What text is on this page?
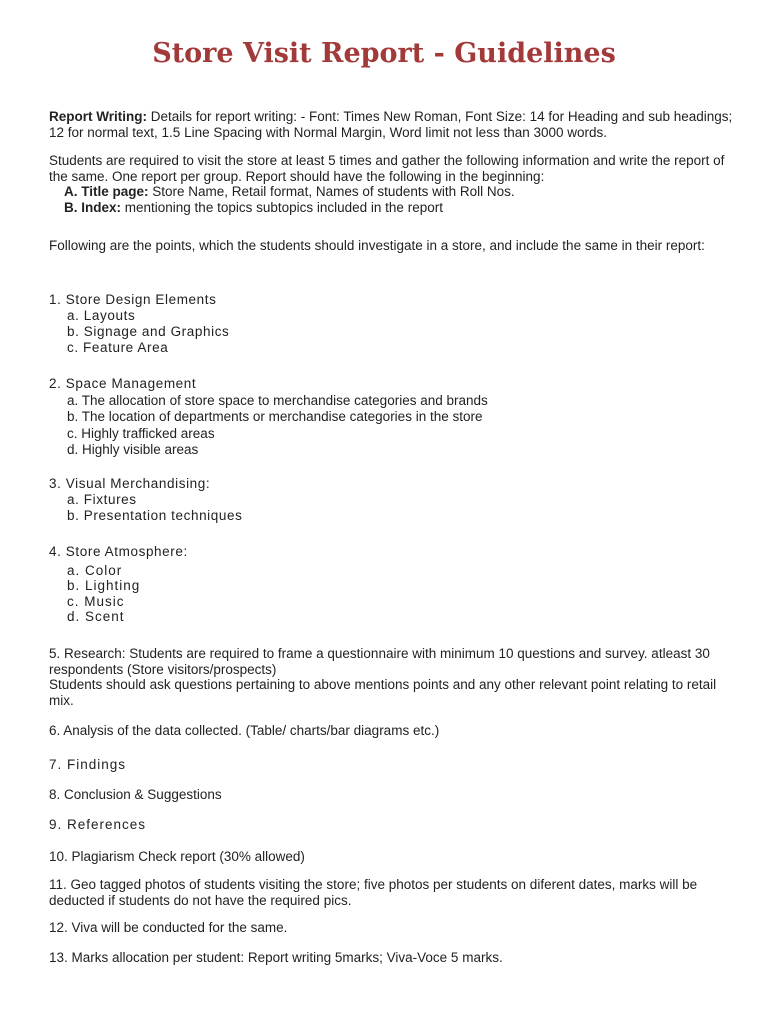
Store Visit Report - Guidelines

Report Writing: Details for report writing: - Font: Times New Roman, Font Size: 14 for Heading and sub headings; 12 for normal text, 1.5 Line Spacing with Normal Margin, Word limit not less than 3000 words.

Students are required to visit the store at least 5 times and gather the following information and write the report of the same. One report per group. Report should have the following in the beginning:

A. Title page: Store Name, Retail format, Names of students with Roll Nos.

B. Index: mentioning the topics subtopics included in the report

Following are the points, which the students should investigate in a store, and include the same in their report:

1. Store Design Elements

a. Layouts
b. Signage and Graphics
c. Feature Area

2. Space Management

a. The allocation of store space to merchandise categories and brands
b. The location of departments or merchandise categories in the store
c. Highly trafficked areas
d. Highly visible areas

3. Visual Merchandising:

a. Fixtures
b. Presentation techniques

4. Store Atmosphere:

a. Color
b. Lighting
c. Music
d. Scent

5. Research: Students are required to frame a questionnaire with minimum 10 questions and survey. atleast 30 respondents (Store visitors/prospects)

Students should ask questions pertaining to above mentions points and any other relevant point relating to retail mix.

6. Analysis of the data collected. (Table/ charts/bar diagrams etc.)

7. Findings

8. Conclusion & Suggestions

9. References

10. Plagiarism Check report (30% allowed)

11. Geo tagged photos of students visiting the store; five photos per students on diferent dates, marks will be deducted if students do not have the required pics.

12. Viva will be conducted for the same.

13. Marks allocation per student: Report writing 5marks; Viva-Voce 5 marks.
